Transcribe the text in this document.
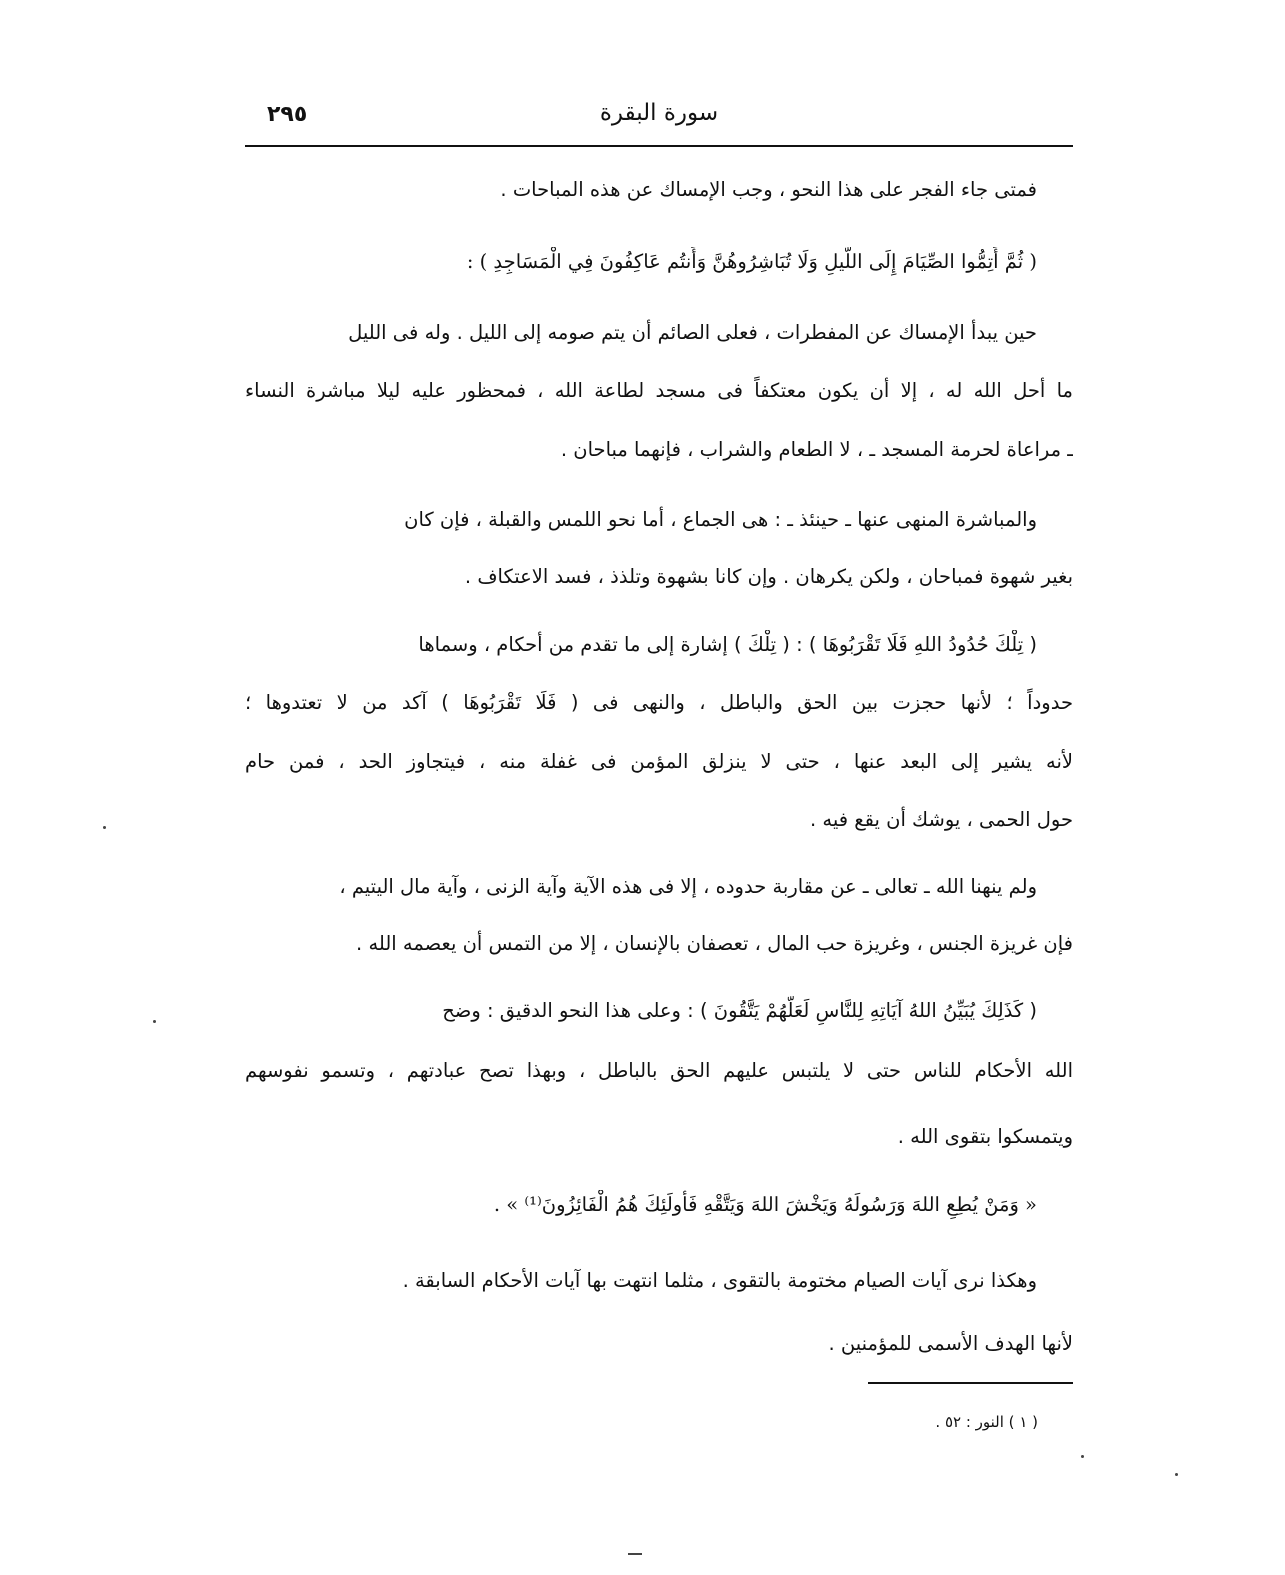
٢٩٥	سورة البقرة
فمتى جاء الفجر على هذا النحو ، وجب الإمساك عن هذه المباحات .
( ثُمَّ أَتِمُّوا الصِّيَامَ إِلَى اللَّيلِ وَلَا تُبَاشِرُوهُنَّ وَأَنتُم عَاكِفُونَ فِي الْمَسَاجِدِ ) :
حين يبدأ الإمساك عن المفطرات ، فعلى الصائم أن يتم صومه إلى الليل . وله فى الليل
ما أحل الله له ، إلا أن يكون معتكفاً فى مسجد لطاعة الله ، فمحظور عليه ليلا مباشرة النساء
ـ مراعاة لحرمة المسجد ـ ، لا الطعام والشراب ، فإنهما مباحان .
والمباشرة المنهى عنها ـ حينئذ ـ : هى الجماع ، أما نحو اللمس والقبلة ، فإن كان
بغير شهوة فمباحان ، ولكن يكرهان . وإن كانا بشهوة وتلذذ ، فسد الاعتكاف .
( تِلْكَ حُدُودُ اللهِ فَلَا تَقْرَبُوهَا ) : ( تِلْكَ ) إشارة إلى ما تقدم من أحكام ، وسماها
حدوداً ؛ لأنها حجزت بين الحق والباطل ، والنهى فى ( فَلَا تَقْرَبُوهَا ) آكد من لا تعتدوها ؛
لأنه يشير إلى البعد عنها ، حتى لا ينزلق المؤمن فى غفلة منه ، فيتجاوز الحد ، فمن حام
حول الحمى ، يوشك أن يقع فيه .
ولم ينهنا الله ـ تعالى ـ عن مقاربة حدوده ، إلا فى هذه الآية وآية الزنى ، وآية مال اليتيم ،
فإن غريزة الجنس ، وغريزة حب المال ، تعصفان بالإنسان ، إلا من التمس أن يعصمه الله .
( كَذَلِكَ يُبَيِّنُ اللهُ آيَاتِهِ لِلنَّاسِ لَعَلَّهُمْ يَتَّقُونَ ) : وعلى هذا النحو الدقيق : وضح
الله الأحكام للناس حتى لا يلتبس عليهم الحق بالباطل ، وبهذا تصح عبادتهم ، وتسمو نفوسهم
ويتمسكوا بتقوى الله .
« وَمَنْ يُطِعِ اللهَ وَرَسُولَهُ وَيَخْشَ اللهَ وَيَتَّقْهِ فَأُولَئِكَ هُمُ الْفَائِزُونَ⁽¹⁾ » .
وهكذا نرى آيات الصيام مختومة بالتقوى ، مثلما انتهت بها آيات الأحكام السابقة .
لأنها الهدف الأسمى للمؤمنين .
( ١ ) النور : ٥٢ .
